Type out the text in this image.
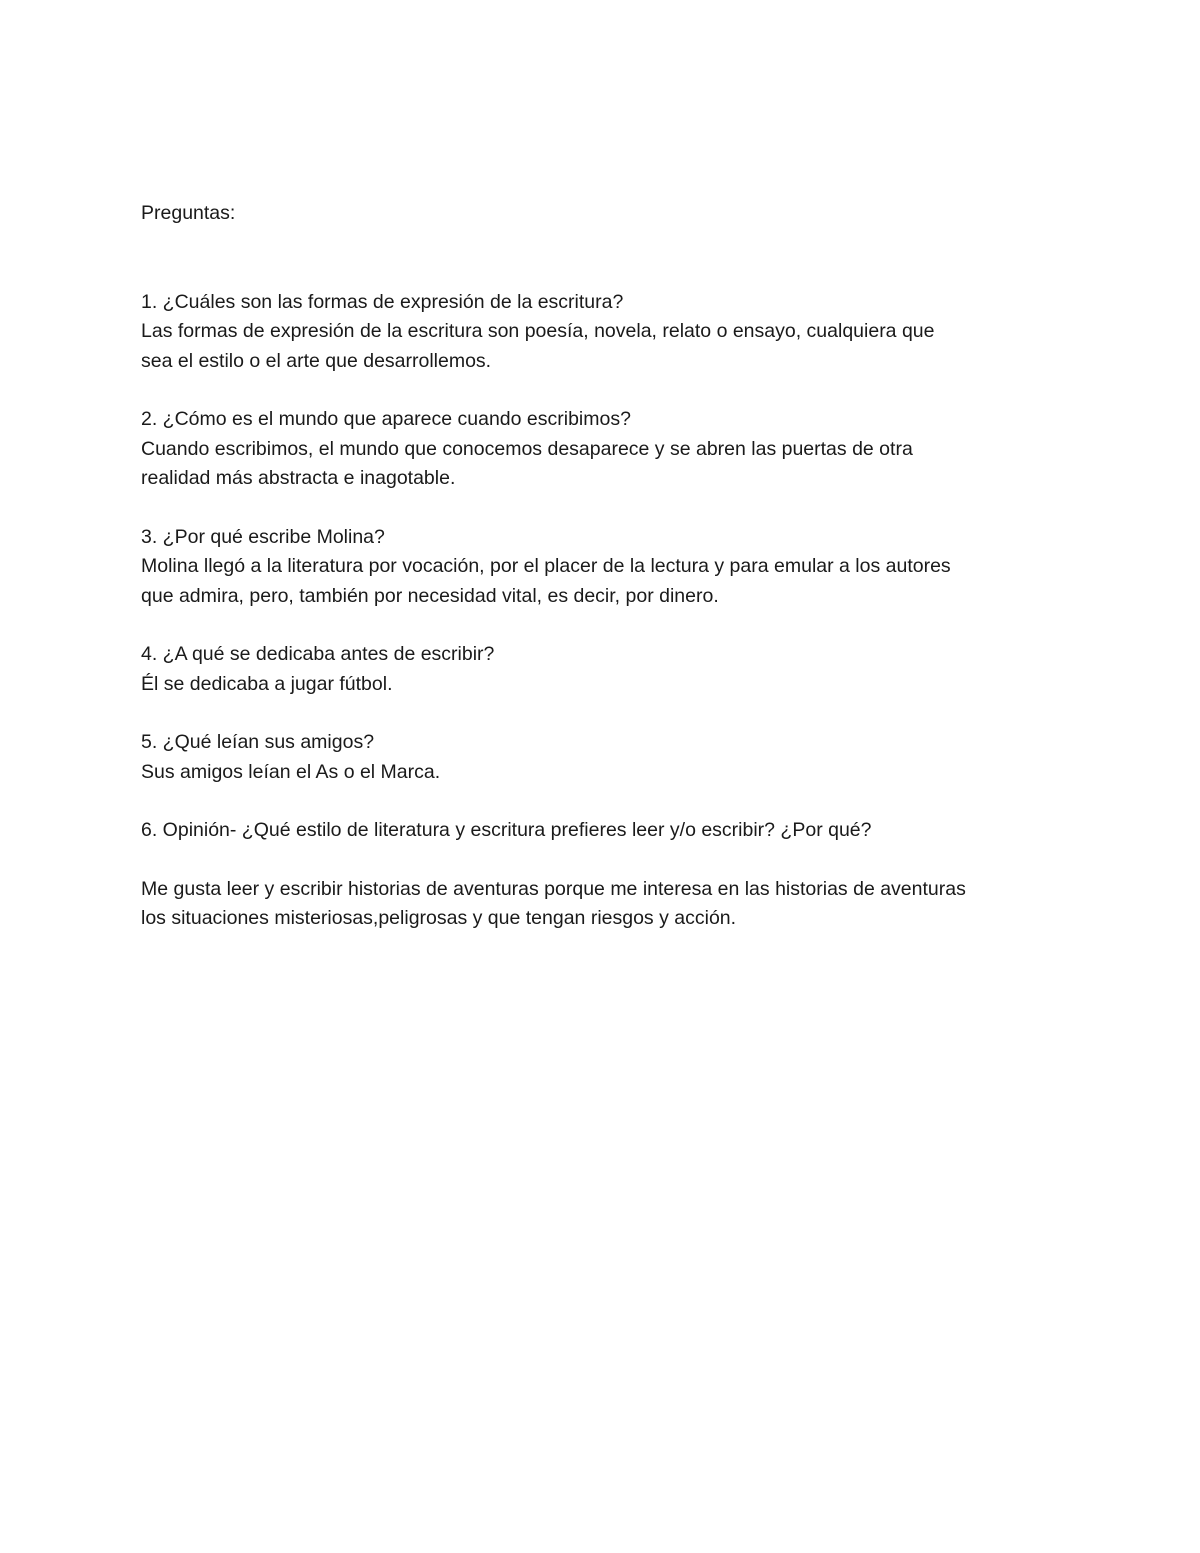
Preguntas:
1. ¿Cuáles son las formas de expresión de la escritura?
Las formas de expresión de la escritura son poesía, novela, relato o ensayo, cualquiera que
sea el estilo o el arte que desarrollemos.
2. ¿Cómo es el mundo que aparece cuando escribimos?
Cuando escribimos, el mundo que conocemos desaparece y se abren las puertas de otra
realidad más abstracta e inagotable.
3. ¿Por qué escribe Molina?
Molina llegó a la literatura por vocación, por el placer de la lectura y para emular a los autores
que admira, pero, también por necesidad vital, es decir, por dinero.
4. ¿A qué se dedicaba antes de escribir?
Él se dedicaba a jugar fútbol.
5. ¿Qué leían sus amigos?
Sus amigos leían el As o el Marca.
6. Opinión- ¿Qué estilo de literatura y escritura prefieres leer y/o escribir? ¿Por qué?
Me gusta leer y escribir historias de aventuras porque me interesa en las historias de aventuras
los situaciones misteriosas,peligrosas y que tengan riesgos y acción.
